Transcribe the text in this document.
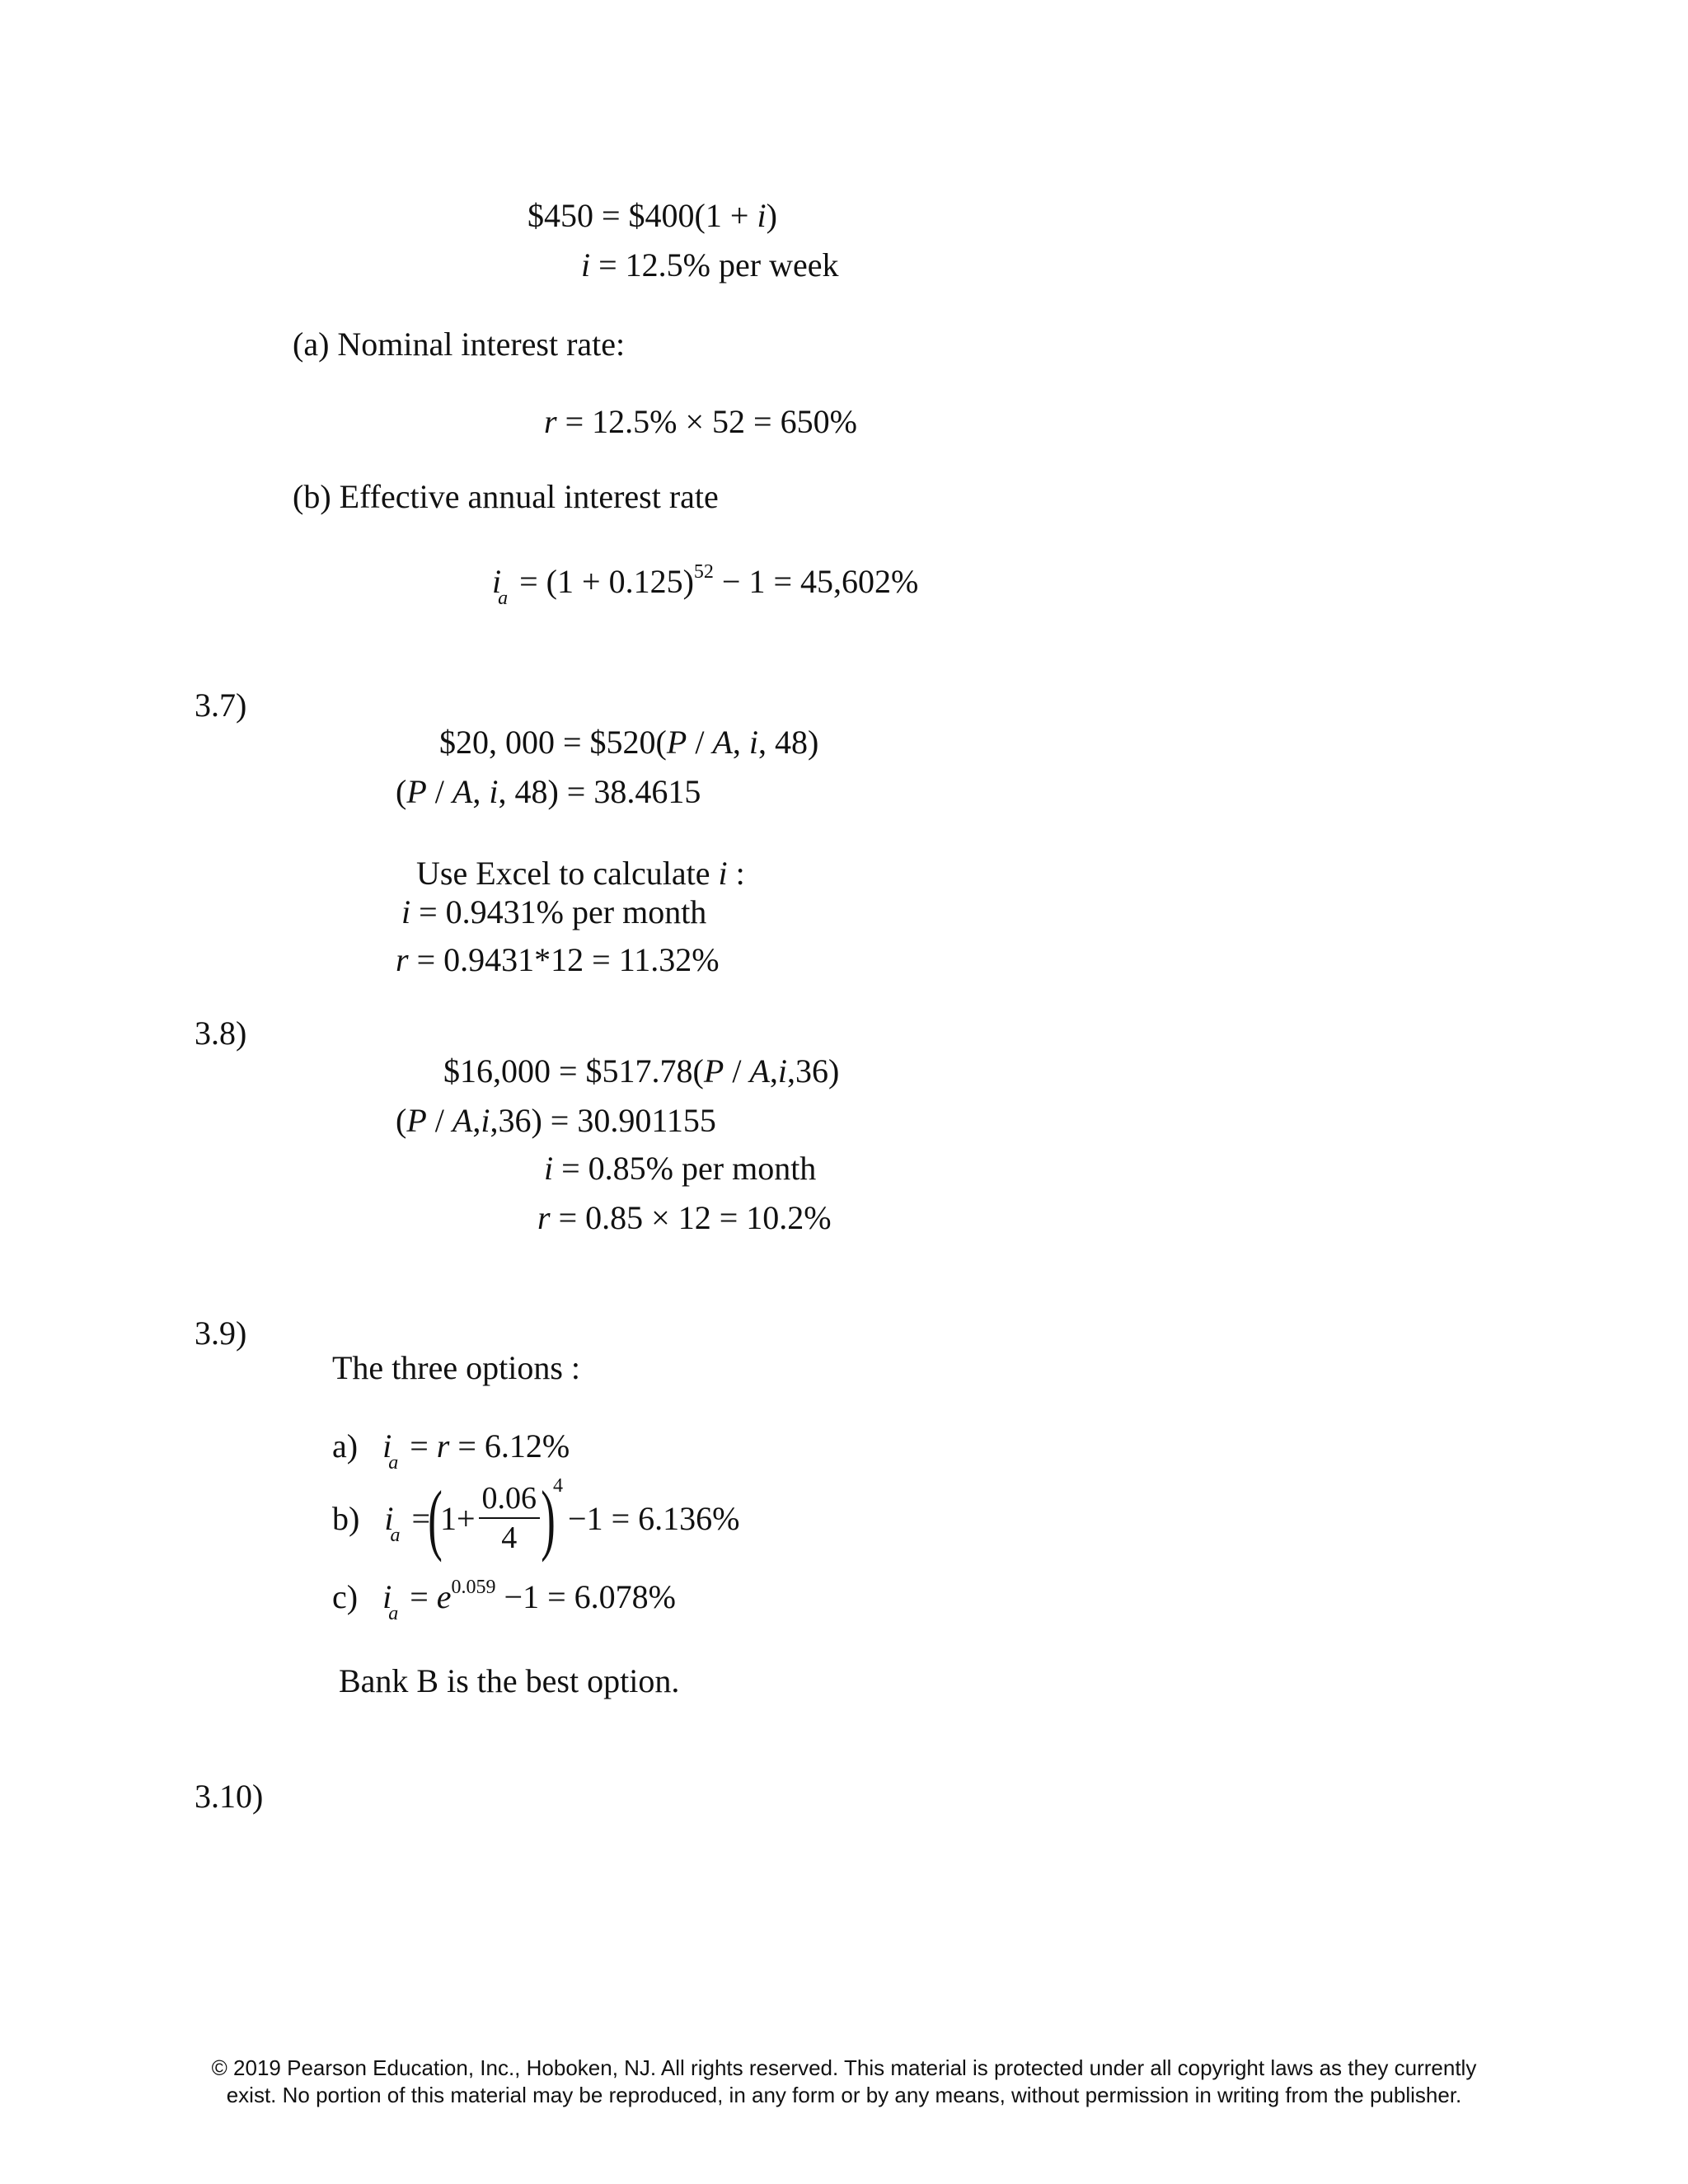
$450 = $400(1 + i)
i = 12.5% per week
(a) Nominal interest rate:
r = 12.5% × 52 = 650%
(b) Effective annual interest rate
$i_a = (1 + 0.125)^{52} - 1 = 45,602\%$
3.7)
$20, 000 = $520(P / A, i, 48)
(P / A, i, 48) = 38.4615
Use Excel to calculate i :
i = 0.9431% per month
r = 0.9431*12 = 11.32%
3.8)
$16,000 = $517.78(P / A,i,36)
(P / A,i,36) = 30.901155
i = 0.85% per month
r = 0.85 × 12 = 10.2%
3.9)
The three options :
a)   $i_a = r = 6.12\%$
b)   $i_a =(1+ \frac{0.06}{4} )^4-1 = 6.136\%$
c)   $i_a = e^{0.059} -1 = 6.078\%$
Bank B is the best option.
3.10)
© 2019 Pearson Education, Inc., Hoboken, NJ. All rights reserved. This material is protected under all copyright laws as they currently
exist. No portion of this material may be reproduced, in any form or by any means, without permission in writing from the publisher.
